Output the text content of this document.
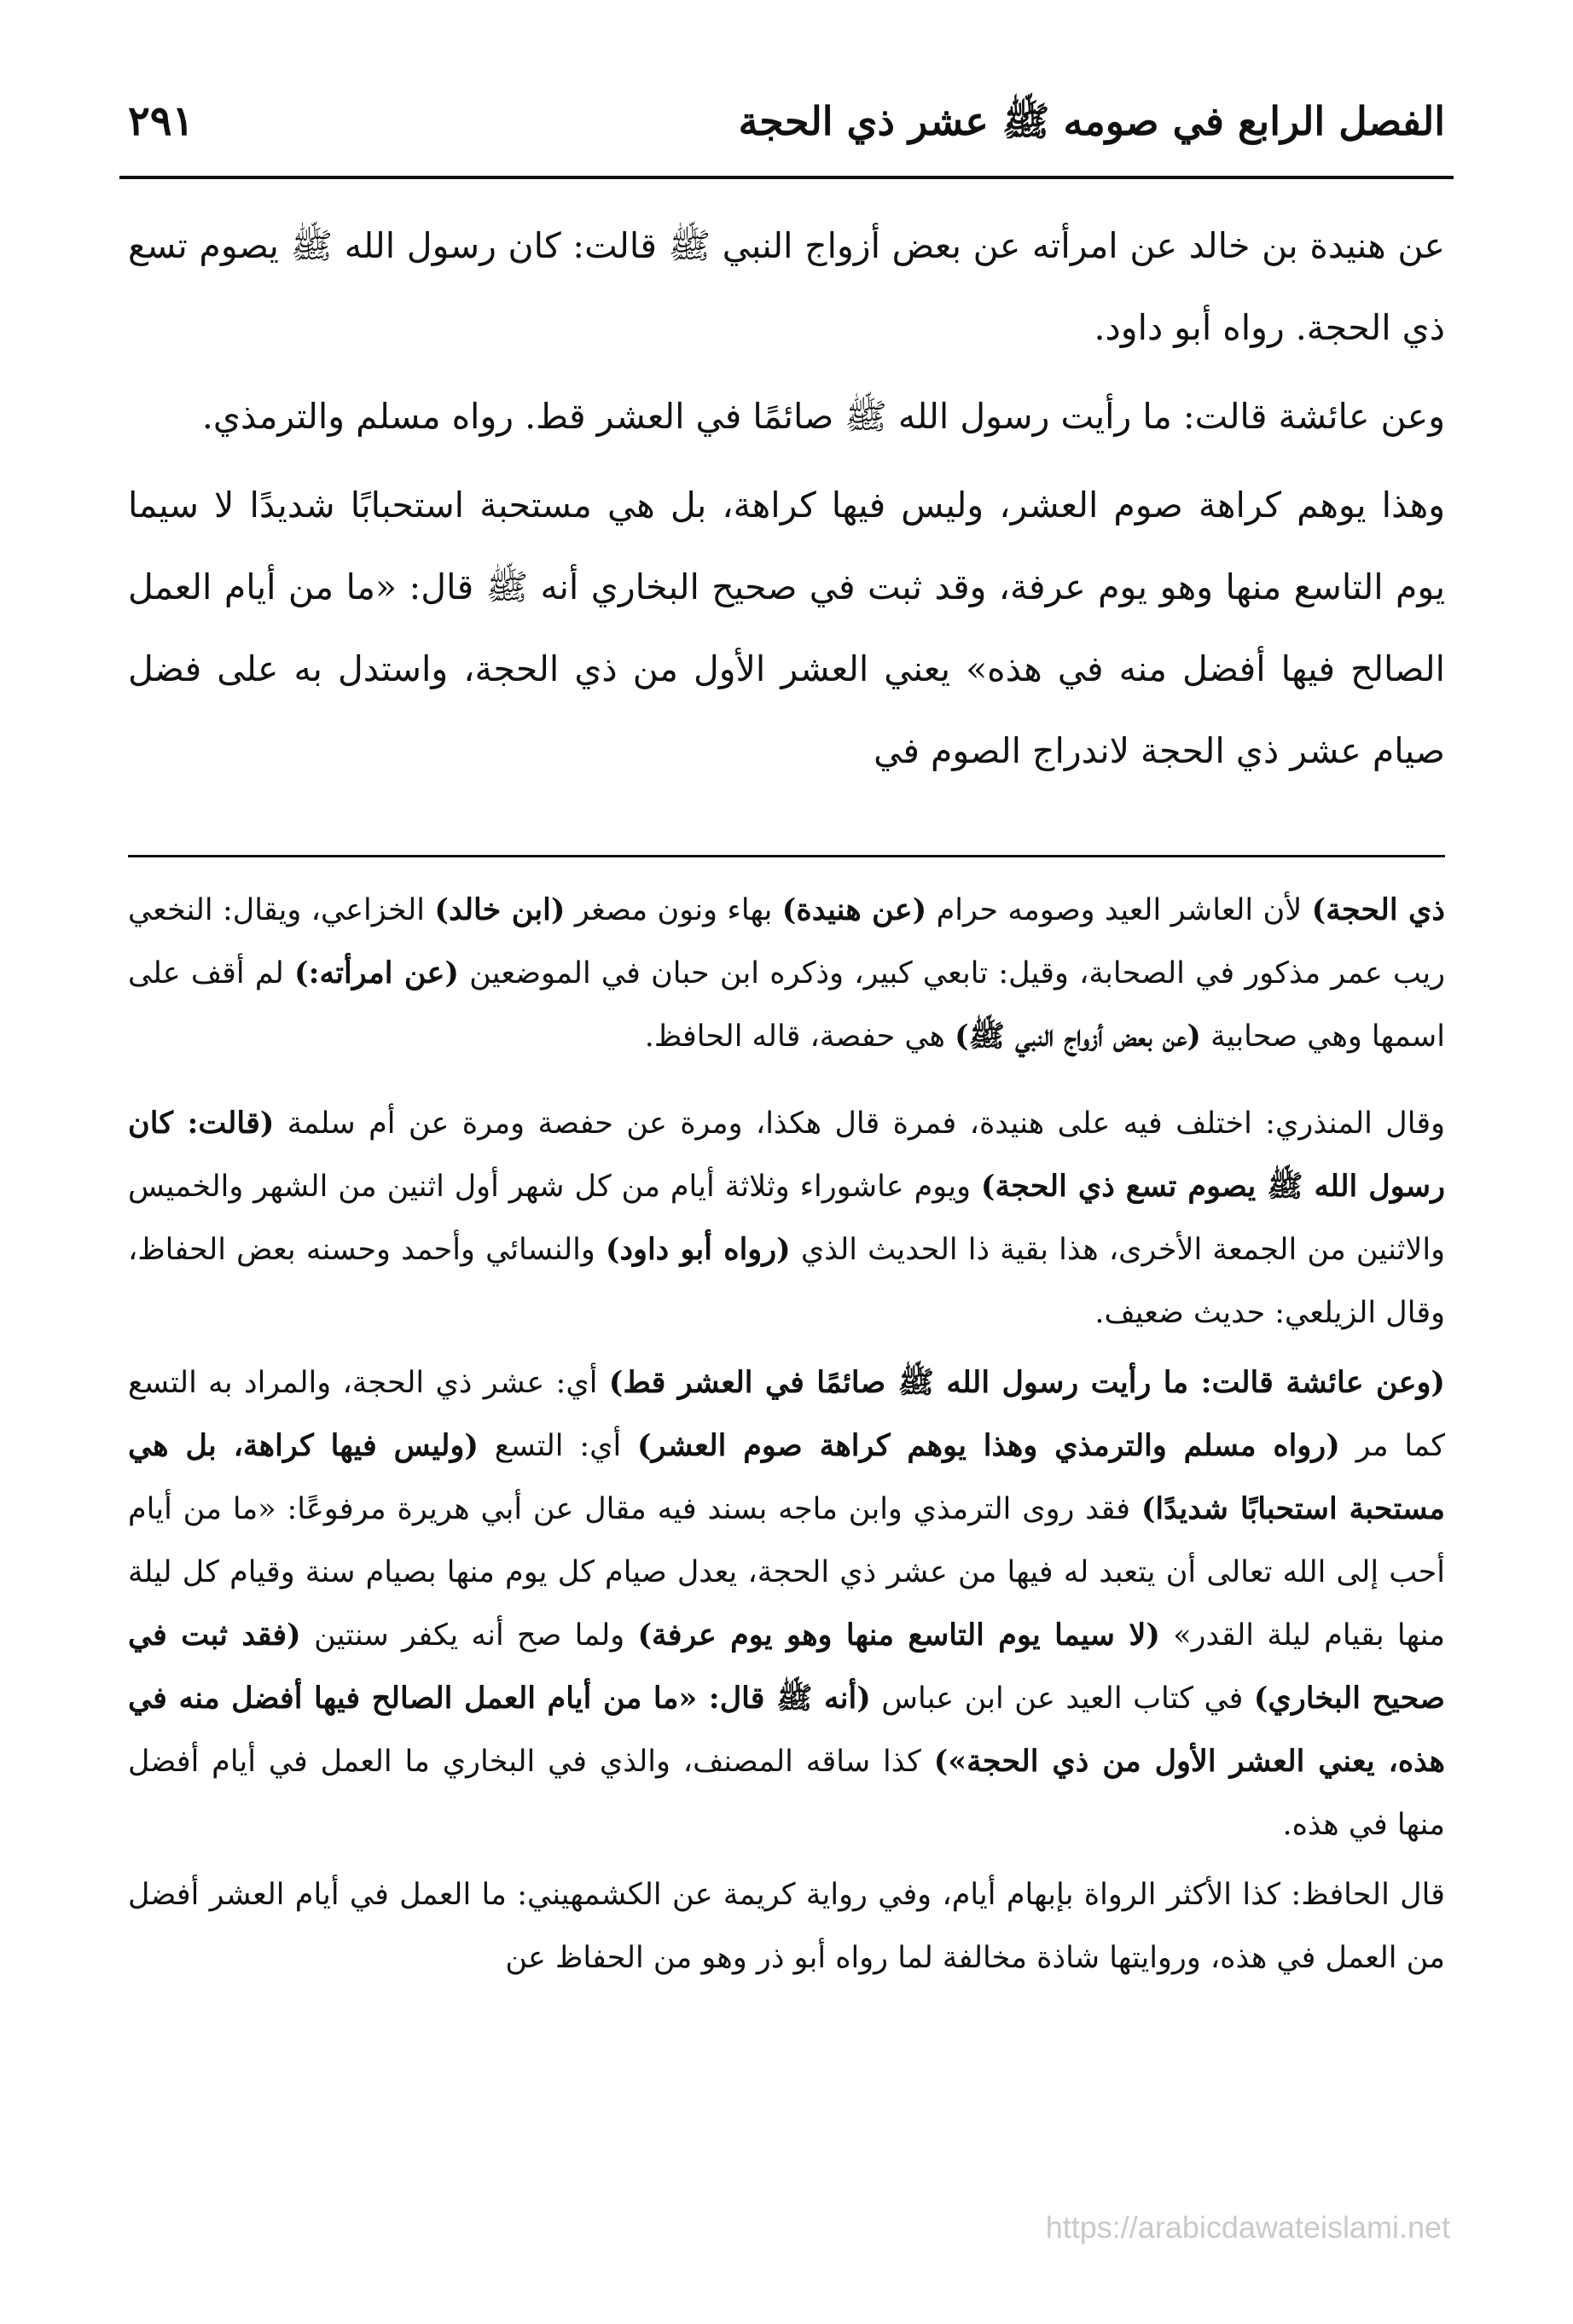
الفصل الرابع في صومه ﷺ عشر ذي الحجة
٢٩١

عن هنيدة بن خالد عن امرأته عن بعض أزواج النبي ﷺ قالت: كان رسول الله ﷺ يصوم تسع ذي الحجة. رواه أبو داود.

وعن عائشة قالت: ما رأيت رسول الله ﷺ صائمًا في العشر قط. رواه مسلم والترمذي.

وهذا يوهم كراهة صوم العشر، وليس فيها كراهة، بل هي مستحبة استحبابًا شديدًا لا سيما يوم التاسع منها وهو يوم عرفة، وقد ثبت في صحيح البخاري أنه ﷺ قال: «ما من أيام العمل الصالح فيها أفضل منه في هذه» يعني العشر الأول من ذي الحجة، واستدل به على فضل صيام عشر ذي الحجة لاندراج الصوم في

ذي الحجة) لأن العاشر العيد وصومه حرام (عن هنيدة) بهاء ونون مصغر (ابن خالد) الخزاعي، ويقال: النخعي ريب عمر مذكور في الصحابة، وقيل: تابعي كبير، وذكره ابن حبان في الموضعين (عن امرأته:) لم أقف على اسمها وهي صحابية (عن بعض أزواج النبي ﷺ) هي حفصة، قاله الحافظ.

وقال المنذري: اختلف فيه على هنيدة، فمرة قال هكذا، ومرة عن حفصة ومرة عن أم سلمة (قالت: كان رسول الله ﷺ يصوم تسع ذي الحجة) ويوم عاشوراء وثلاثة أيام من كل شهر أول اثنين من الشهر والخميس والاثنين من الجمعة الأخرى، هذا بقية ذا الحديث الذي (رواه أبو داود) والنسائي وأحمد وحسنه بعض الحفاظ، وقال الزيلعي: حديث ضعيف.

(وعن عائشة قالت: ما رأيت رسول الله ﷺ صائمًا في العشر قط) أي: عشر ذي الحجة، والمراد به التسع كما مر (رواه مسلم والترمذي وهذا يوهم كراهة صوم العشر) أي: التسع (وليس فيها كراهة، بل هي مستحبة استحبابًا شديدًا) فقد روى الترمذي وابن ماجه بسند فيه مقال عن أبي هريرة مرفوعًا: «ما من أيام أحب إلى الله تعالى أن يتعبد له فيها من عشر ذي الحجة، يعدل صيام كل يوم منها بصيام سنة وقيام كل ليلة منها بقيام ليلة القدر» (لا سيما يوم التاسع منها وهو يوم عرفة) ولما صح أنه يكفر سنتين (فقد ثبت في صحيح البخاري) في كتاب العيد عن ابن عباس (أنه ﷺ قال: «ما من أيام العمل الصالح فيها أفضل منه في هذه، يعني العشر الأول من ذي الحجة») كذا ساقه المصنف، والذي في البخاري ما العمل في أيام أفضل منها في هذه.

قال الحافظ: كذا الأكثر الرواة بإبهام أيام، وفي رواية كريمة عن الكشمهيني: ما العمل في أيام العشر أفضل من العمل في هذه، وروايتها شاذة مخالفة لما رواه أبو ذر وهو من الحفاظ عن

https://arabicdawateislami.net
